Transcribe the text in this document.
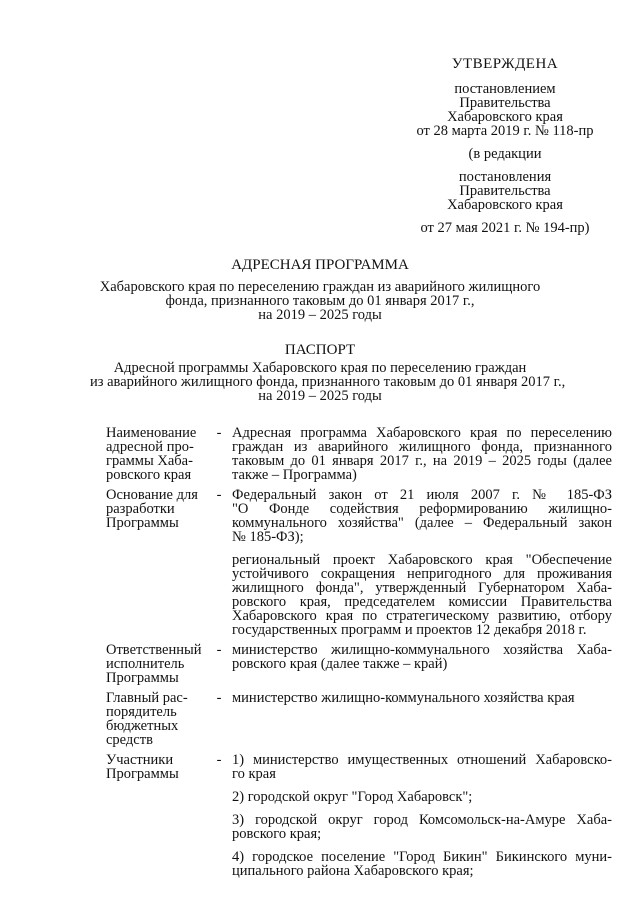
УТВЕРЖДЕНА
постановлением
Правительства
Хабаровского края
от 28 марта 2019 г. № 118-пр
(в редакции
постановления
Правительства
Хабаровского края
от 27 мая 2021 г. № 194-пр)
АДРЕСНАЯ ПРОГРАММА
Хабаровского края по переселению граждан из аварийного жилищного
фонда, признанного таковым до 01 января 2017 г.,
на 2019 – 2025 годы
ПАСПОРТ
Адресной программы Хабаровского края по переселению граждан
из аварийного жилищного фонда, признанного таковым до 01 января 2017 г.,
на 2019 – 2025 годы
Наименование
адресной про-
граммы Хаба-
ровского края
- Адресная программа Хабаровского края по переселению
граждан из аварийного жилищного фонда, признанного
таковым до 01 января 2017 г., на 2019 – 2025 годы (далее
также – Программа)
Основание для
разработки
Программы
- Федеральный закон от 21 июля 2007 г. № 185-ФЗ
"О Фонде содействия реформированию жилищно-
коммунального хозяйства" (далее – Федеральный закон
№ 185-ФЗ);
региональный проект Хабаровского края "Обеспечение
устойчивого сокращения непригодного для проживания
жилищного фонда", утвержденный Губернатором Хаба-
ровского края, председателем комиссии Правительства
Хабаровского края по стратегическому развитию, отбору
государственных программ и проектов 12 декабря 2018 г.
Ответственный
исполнитель
Программы
- министерство жилищно-коммунального хозяйства Хаба-
ровского края (далее также – край)
Главный рас-
порядитель
бюджетных
средств
- министерство жилищно-коммунального хозяйства края
Участники
Программы
- 1) министерство имущественных отношений Хабаровско-
го края
2) городской округ "Город Хабаровск";
3) городской округ город Комсомольск-на-Амуре Хаба-
ровского края;
4) городское поселение "Город Бикин" Бикинского муни-
ципального района Хабаровского края;
